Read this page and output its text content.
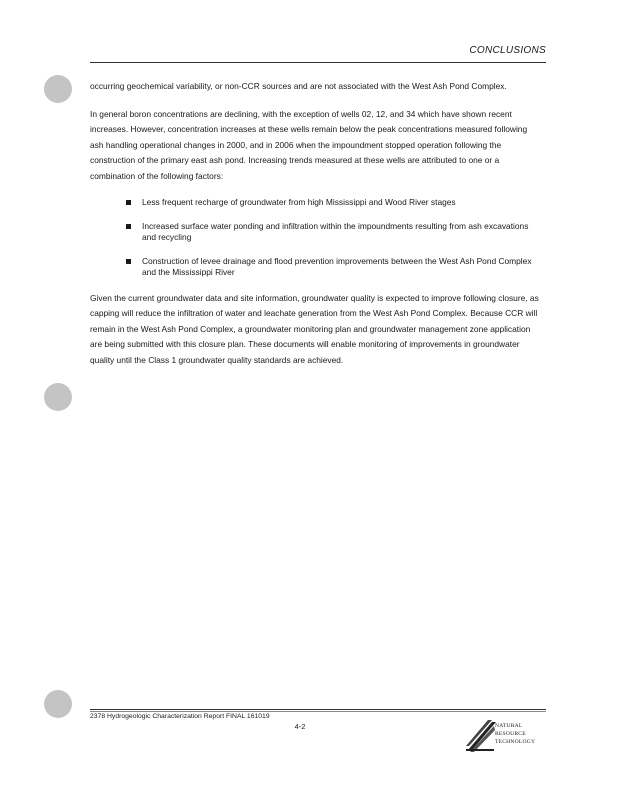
CONCLUSIONS

occurring geochemical variability, or non-CCR sources and are not associated with the West Ash Pond Complex.

In general boron concentrations are declining, with the exception of wells 02, 12, and 34 which have shown recent increases. However, concentration increases at these wells remain below the peak concentrations measured following ash handling operational changes in 2000, and in 2006 when the impoundment stopped operation following the construction of the primary east ash pond. Increasing trends measured at these wells are attributed to one or a combination of the following factors:

Less frequent recharge of groundwater from high Mississippi and Wood River stages
Increased surface water ponding and infiltration within the impoundments resulting from ash excavations and recycling
Construction of levee drainage and flood prevention improvements between the West Ash Pond Complex and the Mississippi River

Given the current groundwater data and site information, groundwater quality is expected to improve following closure, as capping will reduce the infiltration of water and leachate generation from the West Ash Pond Complex. Because CCR will remain in the West Ash Pond Complex, a groundwater monitoring plan and groundwater management zone application are being submitted with this closure plan. These documents will enable monitoring of improvements in groundwater quality until the Class 1 groundwater quality standards are achieved.

2378 Hydrogeologic Characterization Report FINAL 161019
4-2	NATURAL
RESOURCE
TECHNOLOGY
